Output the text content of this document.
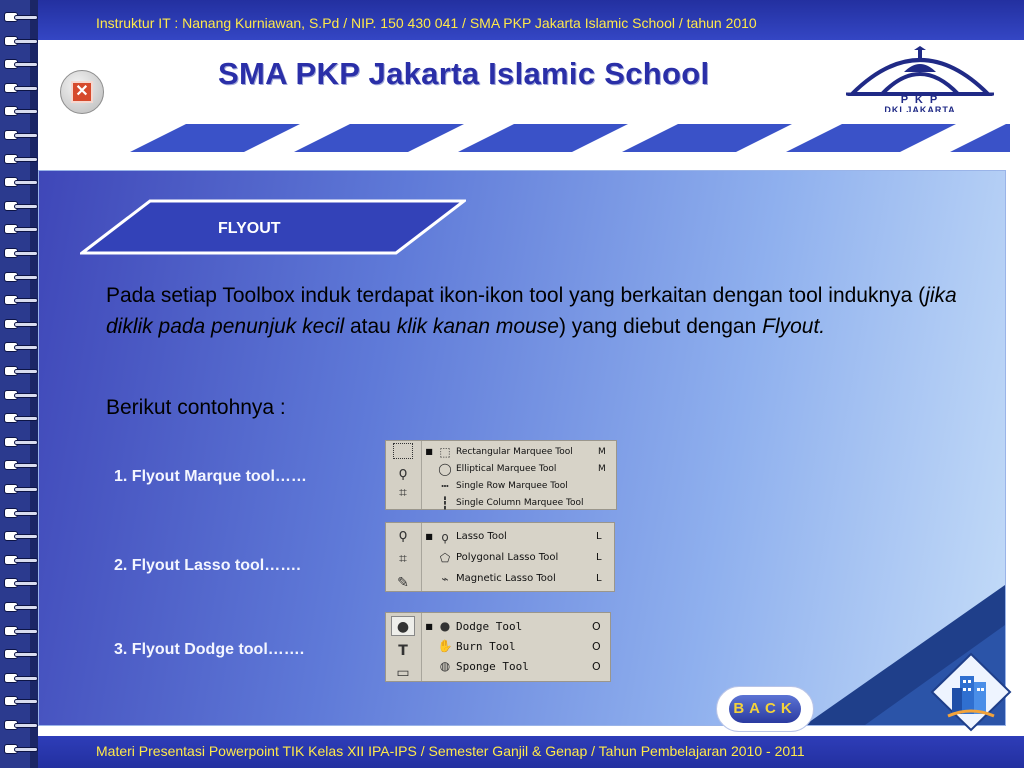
Instruktur IT : Nanang Kurniawan, S.Pd / NIP. 150 430 041 / SMA PKP Jakarta Islamic School / tahun 2010
✕
SMA PKP Jakarta Islamic School
P K P
DKI JAKARTA
FLYOUT
Pada setiap Toolbox induk terdapat ikon-ikon tool yang berkaitan dengan tool induknya (jika diklik pada penunjuk kecil atau klik kanan mouse) yang diebut dengan Flyout.
Berikut contohnya :
1. Flyout Marque tool……
2. Flyout Lasso tool…….
3. Flyout Dodge tool…….
ϙ
⌗
■ ⬚ Rectangular Marquee Tool	M
◯ Elliptical Marquee Tool	M
┅ Single Row Marquee Tool
┇ Single Column Marquee Tool
ϙ
⌗
✎
■ ϙ Lasso Tool	L
⬠ Polygonal Lasso Tool	L
⌁ Magnetic Lasso Tool	L
●
T
▭
■ ● Dodge Tool	O
✋ Burn Tool	O
◍ Sponge Tool	O
BACK
Materi Presentasi Powerpoint TIK Kelas XII IPA-IPS / Semester Ganjil & Genap / Tahun Pembelajaran 2010 - 2011
